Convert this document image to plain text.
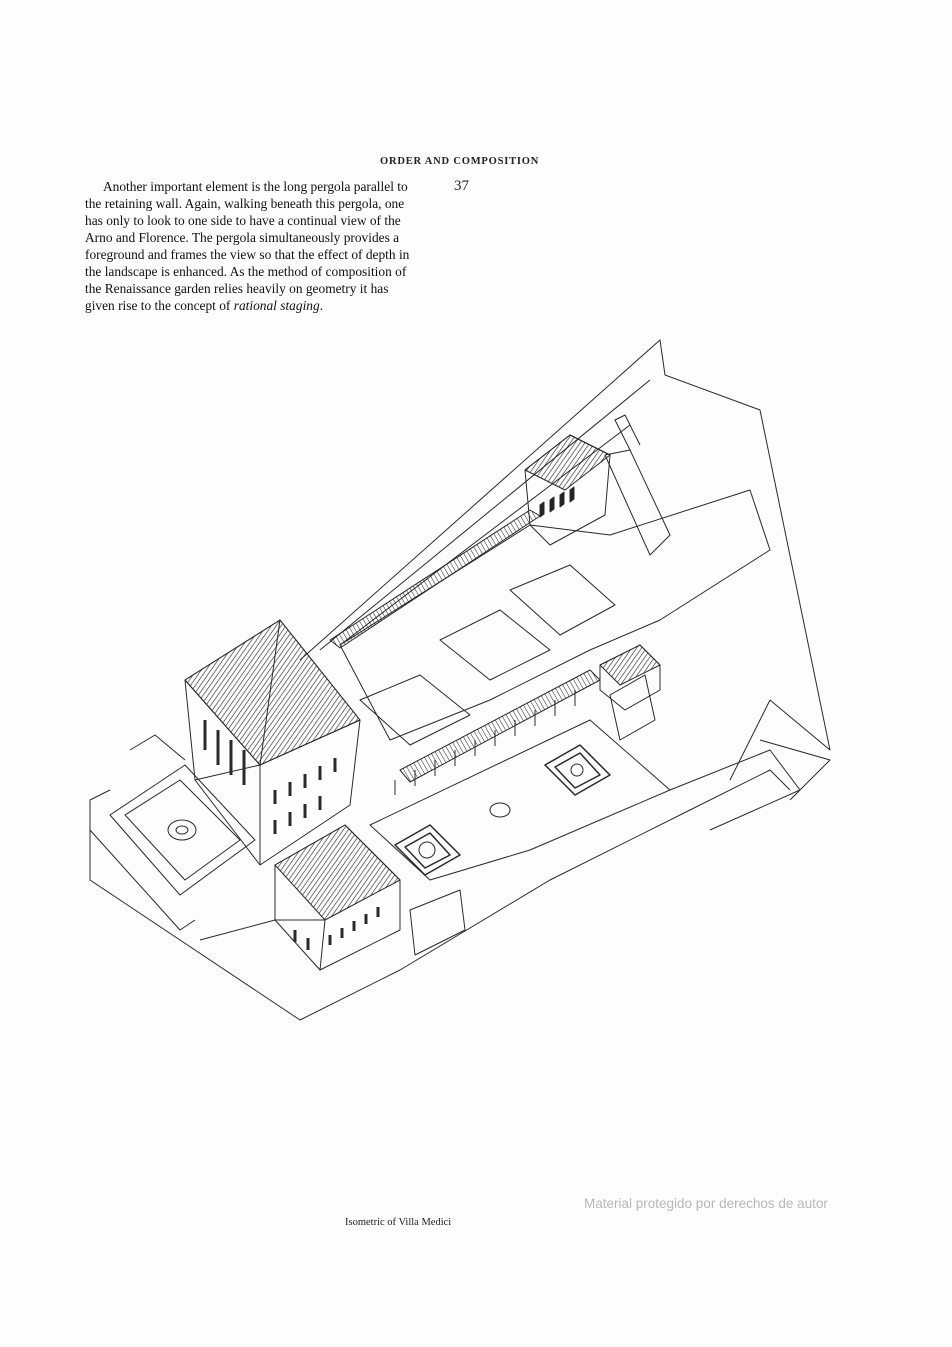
ORDER AND COMPOSITION
37

Another important element is the long pergola parallel to the retaining wall. Again, walking beneath this pergola, one has only to look to one side to have a continual view of the Arno and Florence. The pergola simultaneously provides a foreground and frames the view so that the effect of depth in the landscape is enhanced. As the method of composition of the Renaissance garden relies heavily on geometry it has given rise to the concept of rational staging.

Material protegido por derechos de autor
Isometric of Villa Medici
